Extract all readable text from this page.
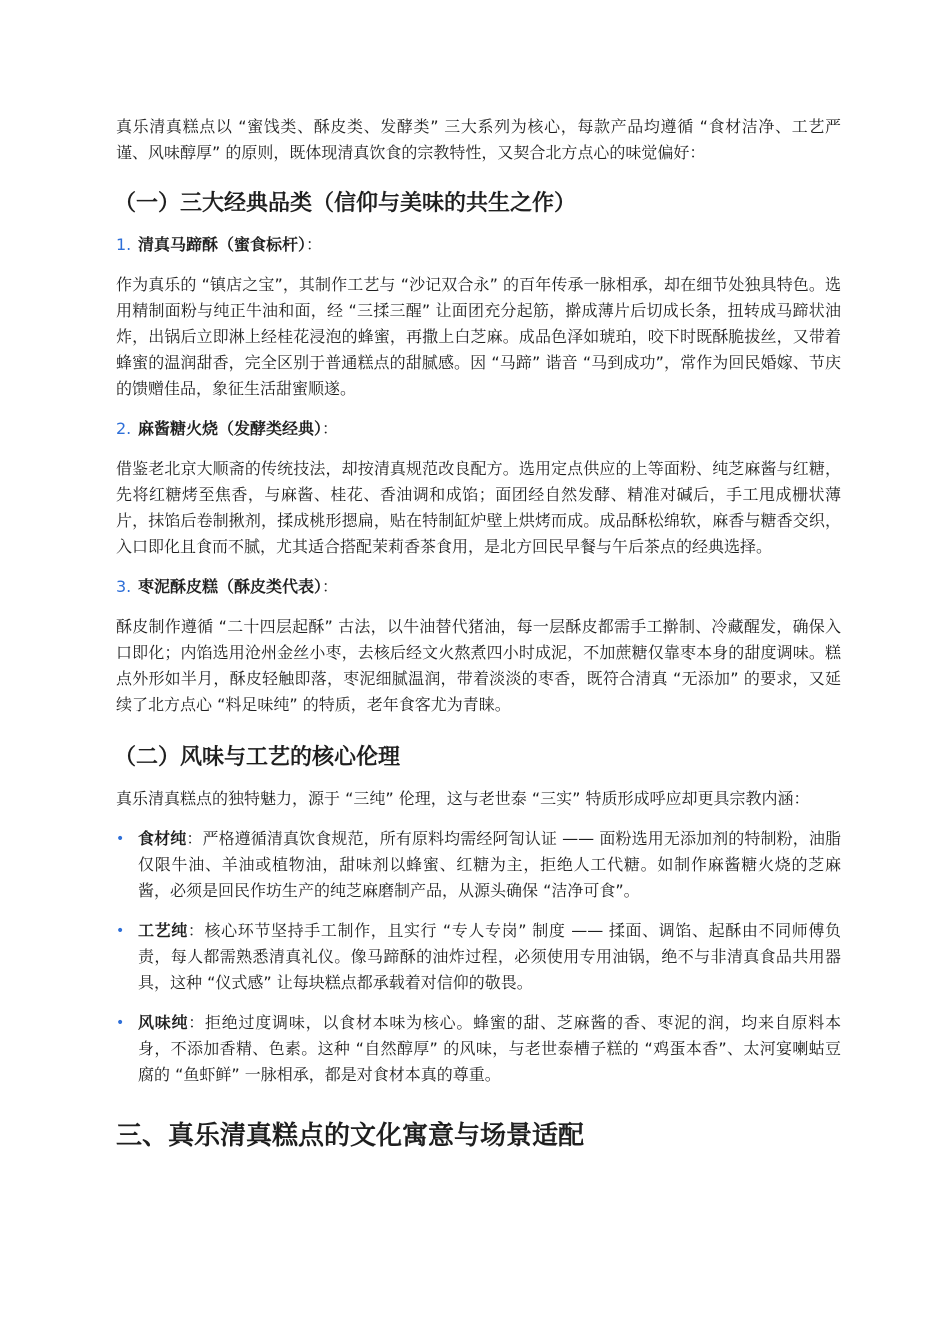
真乐清真糕点以 “蜜饯类、酥皮类、发酵类” 三大系列为核心，每款产品均遵循 “食材洁净、工艺严谨、风味醇厚” 的原则，既体现清真饮食的宗教特性，又契合北方点心的味觉偏好：

（一）三大经典品类（信仰与美味的共生之作）
1. 清真马蹄酥（蜜食标杆）：

作为真乐的 “镇店之宝”，其制作工艺与 “沙记双合永” 的百年传承一脉相承，却在细节处独具特色。选用精制面粉与纯正牛油和面，经 “三揉三醒” 让面团充分起筋，擀成薄片后切成长条，扭转成马蹄状油炸，出锅后立即淋上经桂花浸泡的蜂蜜，再撒上白芝麻。成品色泽如琥珀，咬下时既酥脆拔丝，又带着蜂蜜的温润甜香，完全区别于普通糕点的甜腻感。因 “马蹄” 谐音 “马到成功”，常作为回民婚嫁、节庆的馈赠佳品，象征生活甜蜜顺遂。

2. 麻酱糖火烧（发酵类经典）：

借鉴老北京大顺斋的传统技法，却按清真规范改良配方。选用定点供应的上等面粉、纯芝麻酱与红糖，先将红糖烤至焦香，与麻酱、桂花、香油调和成馅；面团经自然发酵、精准对碱后，手工甩成栅状薄片，抹馅后卷制揪剂，揉成桃形摁扁，贴在特制缸炉壁上烘烤而成。成品酥松绵软，麻香与糖香交织，入口即化且食而不腻，尤其适合搭配茉莉香茶食用，是北方回民早餐与午后茶点的经典选择。

3. 枣泥酥皮糕（酥皮类代表）：

酥皮制作遵循 “二十四层起酥” 古法，以牛油替代猪油，每一层酥皮都需手工擀制、冷藏醒发，确保入口即化；内馅选用沧州金丝小枣，去核后经文火熬煮四小时成泥，不加蔗糖仅靠枣本身的甜度调味。糕点外形如半月，酥皮轻触即落，枣泥细腻温润，带着淡淡的枣香，既符合清真 “无添加” 的要求，又延续了北方点心 “料足味纯” 的特质，老年食客尤为青睐。

（二）风味与工艺的核心伦理

真乐清真糕点的独特魅力，源于 “三纯” 伦理，这与老世泰 “三实” 特质形成呼应却更具宗教内涵：

• 食材纯：严格遵循清真饮食规范，所有原料均需经阿訇认证 —— 面粉选用无添加剂的特制粉，油脂仅限牛油、羊油或植物油，甜味剂以蜂蜜、红糖为主，拒绝人工代糖。如制作麻酱糖火烧的芝麻酱，必须是回民作坊生产的纯芝麻磨制产品，从源头确保 “洁净可食”。
• 工艺纯：核心环节坚持手工制作，且实行 “专人专岗” 制度 —— 揉面、调馅、起酥由不同师傅负责，每人都需熟悉清真礼仪。像马蹄酥的油炸过程，必须使用专用油锅，绝不与非清真食品共用器具，这种 “仪式感” 让每块糕点都承载着对信仰的敬畏。
• 风味纯：拒绝过度调味，以食材本味为核心。蜂蜜的甜、芝麻酱的香、枣泥的润，均来自原料本身，不添加香精、色素。这种 “自然醇厚” 的风味，与老世泰槽子糕的 “鸡蛋本香”、太河宴喇蛄豆腐的 “鱼虾鲜” 一脉相承，都是对食材本真的尊重。
三、真乐清真糕点的文化寓意与场景适配
